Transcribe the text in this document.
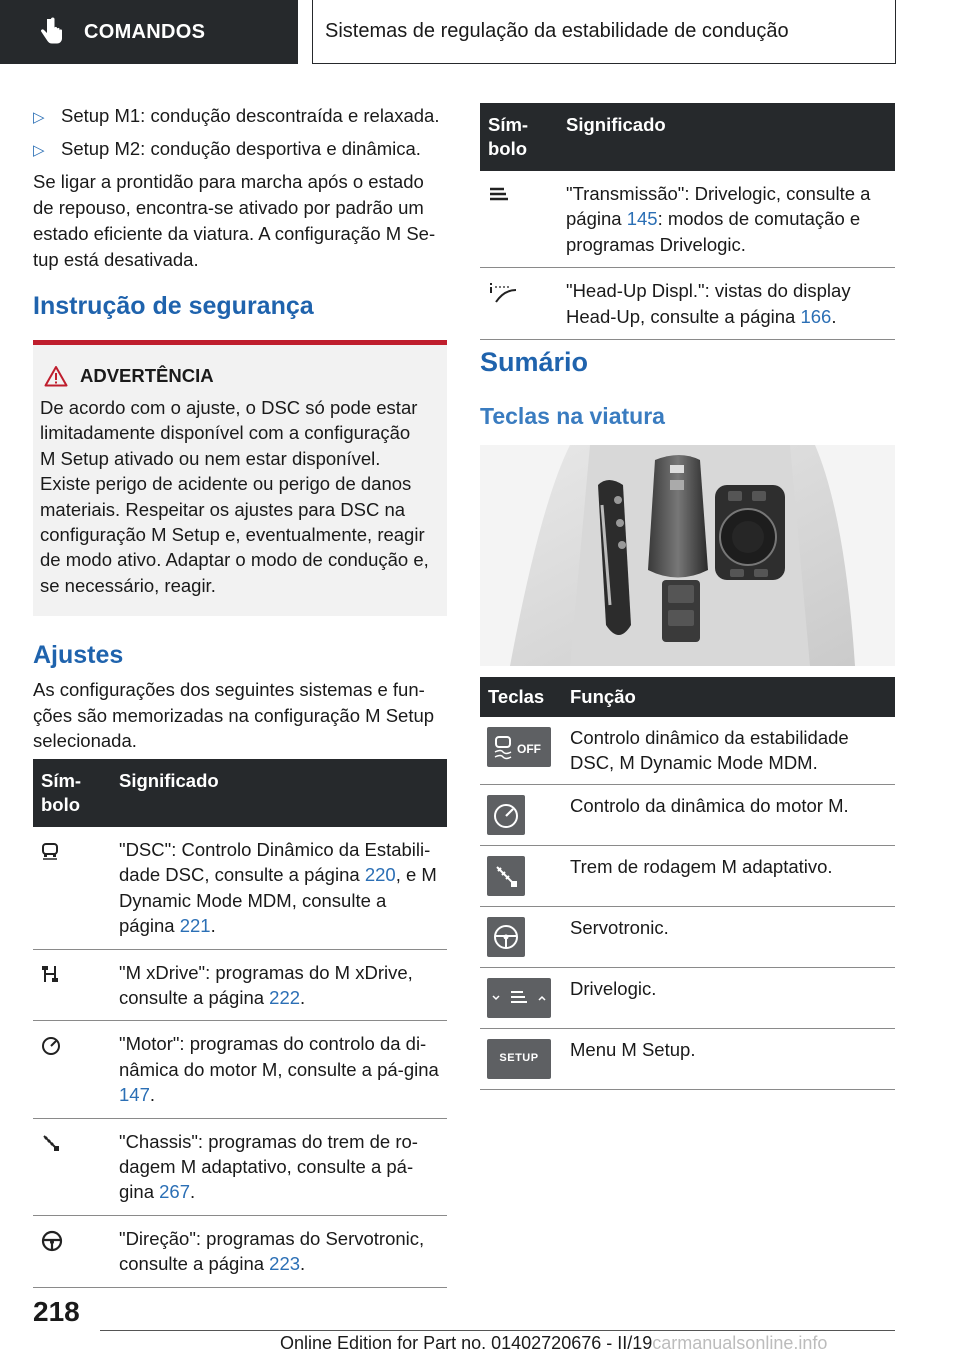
COMANDOS	Sistemas de regulação da estabilidade de condução
▷ Setup M1: condução descontraída e relaxada.
▷ Setup M2: condução desportiva e dinâmica.
Se ligar a prontidão para marcha após o estado
de repouso, encontra-se ativado por padrão um
estado eficiente da viatura. A configuração M Se-
tup está desativada.
Instrução de segurança
ADVERTÊNCIA
De acordo com o ajuste, o DSC só pode estar
limitadamente disponível com a configuração
M Setup ativado ou nem estar disponível.
Existe perigo de acidente ou perigo de danos
materiais. Respeitar os ajustes para DSC na
configuração M Setup e, eventualmente, reagir
de modo ativo. Adaptar o modo de condução e,
se necessário, reagir.
Ajustes
As configurações dos seguintes sistemas e fun-
ções são memorizadas na configuração M Setup
selecionada.
Sím-bolo	Significado
	"DSC": Controlo Dinâmico da Estabili-dade DSC, consulte a página 220, e M Dynamic Mode MDM, consulte a página 221.
	"M xDrive": programas do M xDrive, consulte a página 222.
	"Motor": programas do controlo da di-nâmica do motor M, consulte a pá-gina 147.
	"Chassis": programas do trem de ro-dagem M adaptativo, consulte a pá-gina 267.
	"Direção": programas do Servotronic, consulte a página 223.
Sím-bolo	Significado
	"Transmissão": Drivelogic, consulte a página 145: modos de comutação e programas Drivelogic.
	"Head-Up Displ.": vistas do display Head-Up, consulte a página 166.
Sumário
Teclas na viatura
Teclas	Função

OFF	Controlo dinâmico da estabilidade DSC, M Dynamic Mode MDM.

	Controlo da dinâmica do motor M.

	Trem de rodagem M adaptativo.

	Servotronic.

	Drivelogic.

SETUP	Menu M Setup.
218
Online Edition for Part no. 01402720676 - II/19carmanualsonline.info
